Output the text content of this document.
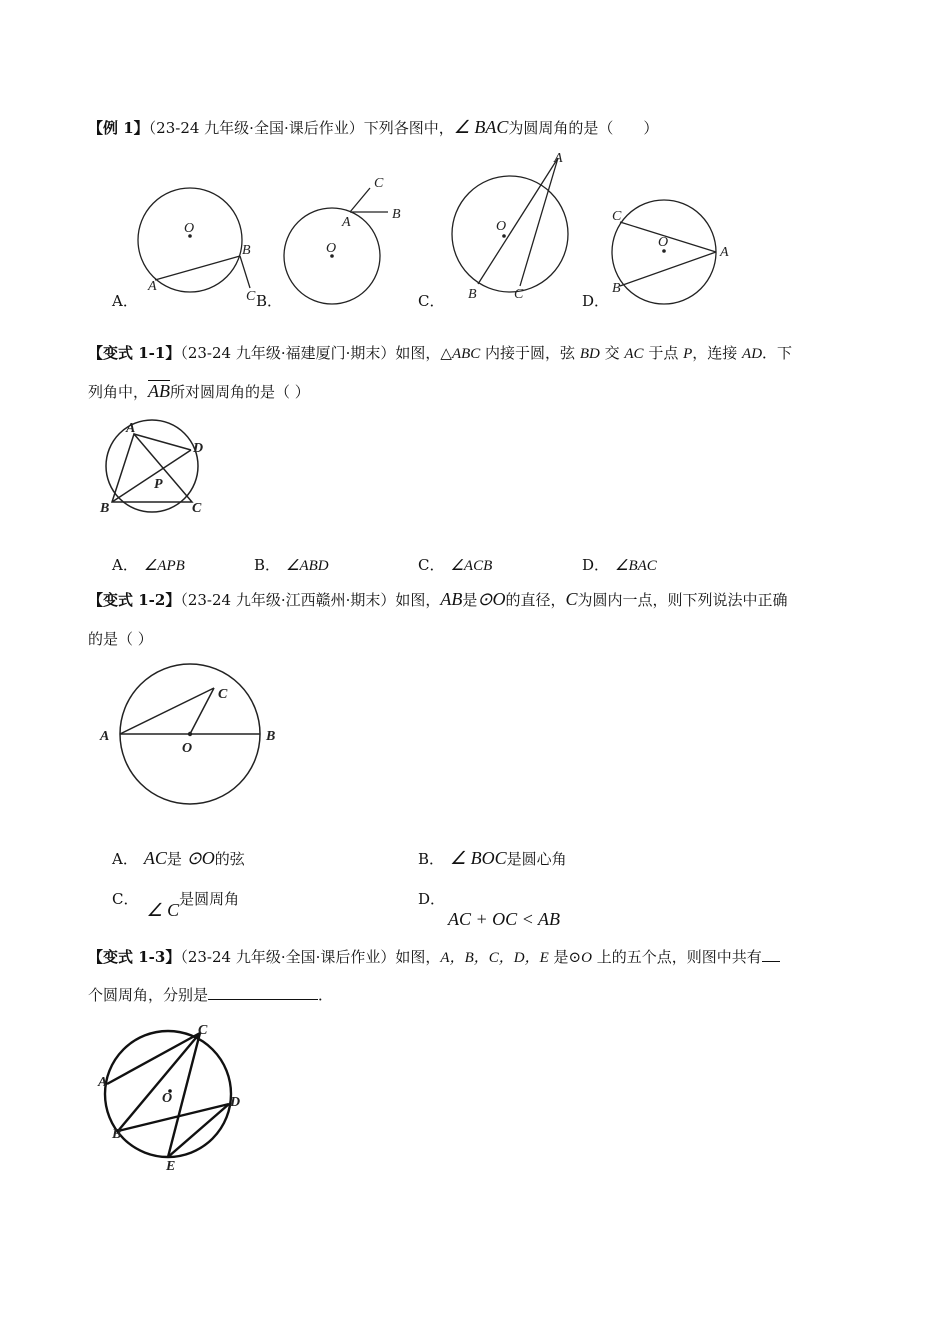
【例 1】（23-24 九年级·全国·课后作业）下列各图中，∠ BAC为圆周角的是（　　）
O
A
B
C
A．
C
A
B
O
B．
A
O
B	C
C．
C
O
A
B
D．
【变式 1-1】（23-24 九年级·福建厦门·期末）如图，△ABC 内接于圆，弦 BD 交 AC 于点 P，连接 AD．下
列角中，$\overline{AB}$所对圆周角的是（ ）
A
D
P
B	C
A． ∠APB	B． ∠ABD	C． ∠ACB	D． ∠BAC
【变式 1-2】（23-24 九年级·江西赣州·期末）如图，AB是⊙O的直径，C为圆内一点，则下列说法中正确
的是（ ）
A
O
C
B
A． AC是 ⊙O的弦	B． ∠ BOC是圆心角
C．∠ C是圆周角	D．
AC + OC < AB
【变式 1-3】（23-24 九年级·全国·课后作业）如图，A，B，C，D，E 是⊙O 上的五个点，则图中共有
个圆周角，分别是	．
C
A
O	D
B
E
